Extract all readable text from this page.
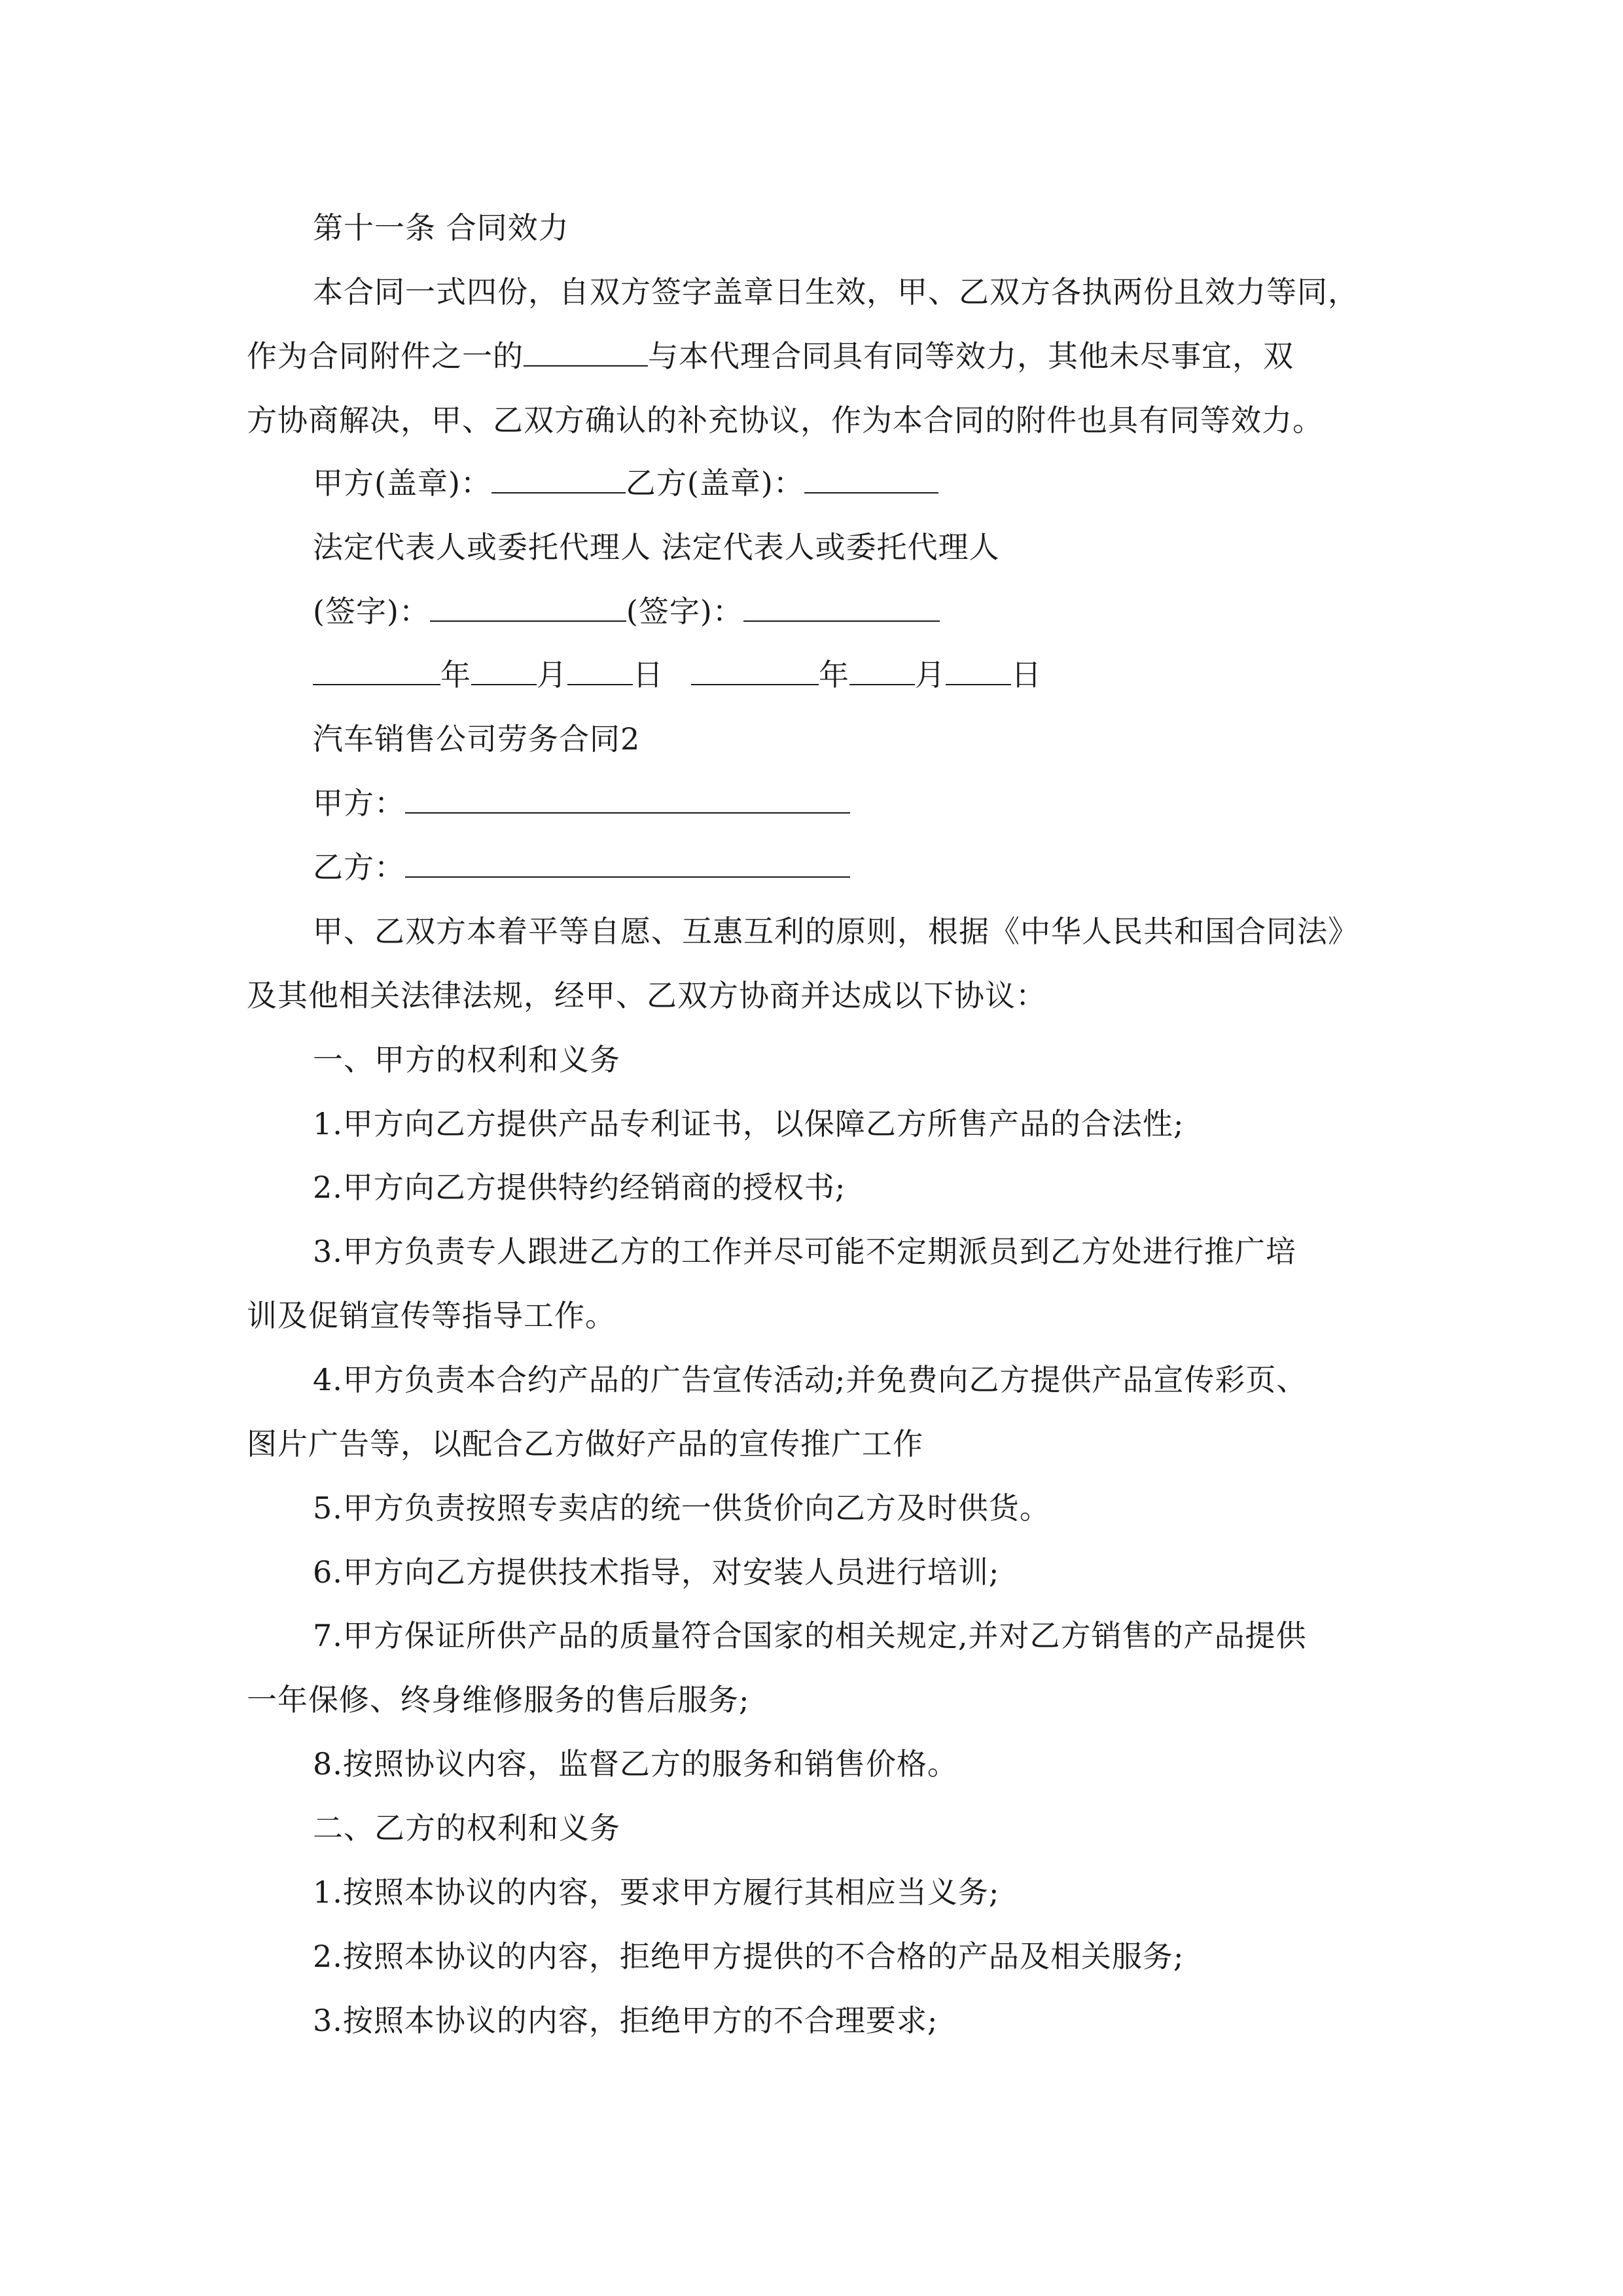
第十一条 合同效力
本合同一式四份，自双方签字盖章日生效，甲、乙双方各执两份且效力等同，
作为合同附件之一的	与本代理合同具有同等效力，其他未尽事宜，双
方协商解决，甲、乙双方确认的补充协议，作为本合同的附件也具有同等效力。
甲方(盖章)：	乙方(盖章)：
法定代表人或委托代理人 法定代表人或委托代理人
(签字)：	(签字)：
年 月 日	年 月 日
汽车销售公司劳务合同2
甲方：
乙方：
甲、乙双方本着平等自愿、互惠互利的原则，根据《中华人民共和国合同法》
及其他相关法律法规，经甲、乙双方协商并达成以下协议：
一、甲方的权利和义务
1.甲方向乙方提供产品专利证书，以保障乙方所售产品的合法性;
2.甲方向乙方提供特约经销商的授权书;
3.甲方负责专人跟进乙方的工作并尽可能不定期派员到乙方处进行推广培
训及促销宣传等指导工作。
4.甲方负责本合约产品的广告宣传活动;并免费向乙方提供产品宣传彩页、
图片广告等，以配合乙方做好产品的宣传推广工作
5.甲方负责按照专卖店的统一供货价向乙方及时供货。
6.甲方向乙方提供技术指导，对安装人员进行培训;
7.甲方保证所供产品的质量符合国家的相关规定,并对乙方销售的产品提供
一年保修、终身维修服务的售后服务;
8.按照协议内容，监督乙方的服务和销售价格。
二、乙方的权利和义务
1.按照本协议的内容，要求甲方履行其相应当义务;
2.按照本协议的内容，拒绝甲方提供的不合格的产品及相关服务;
3.按照本协议的内容，拒绝甲方的不合理要求;
